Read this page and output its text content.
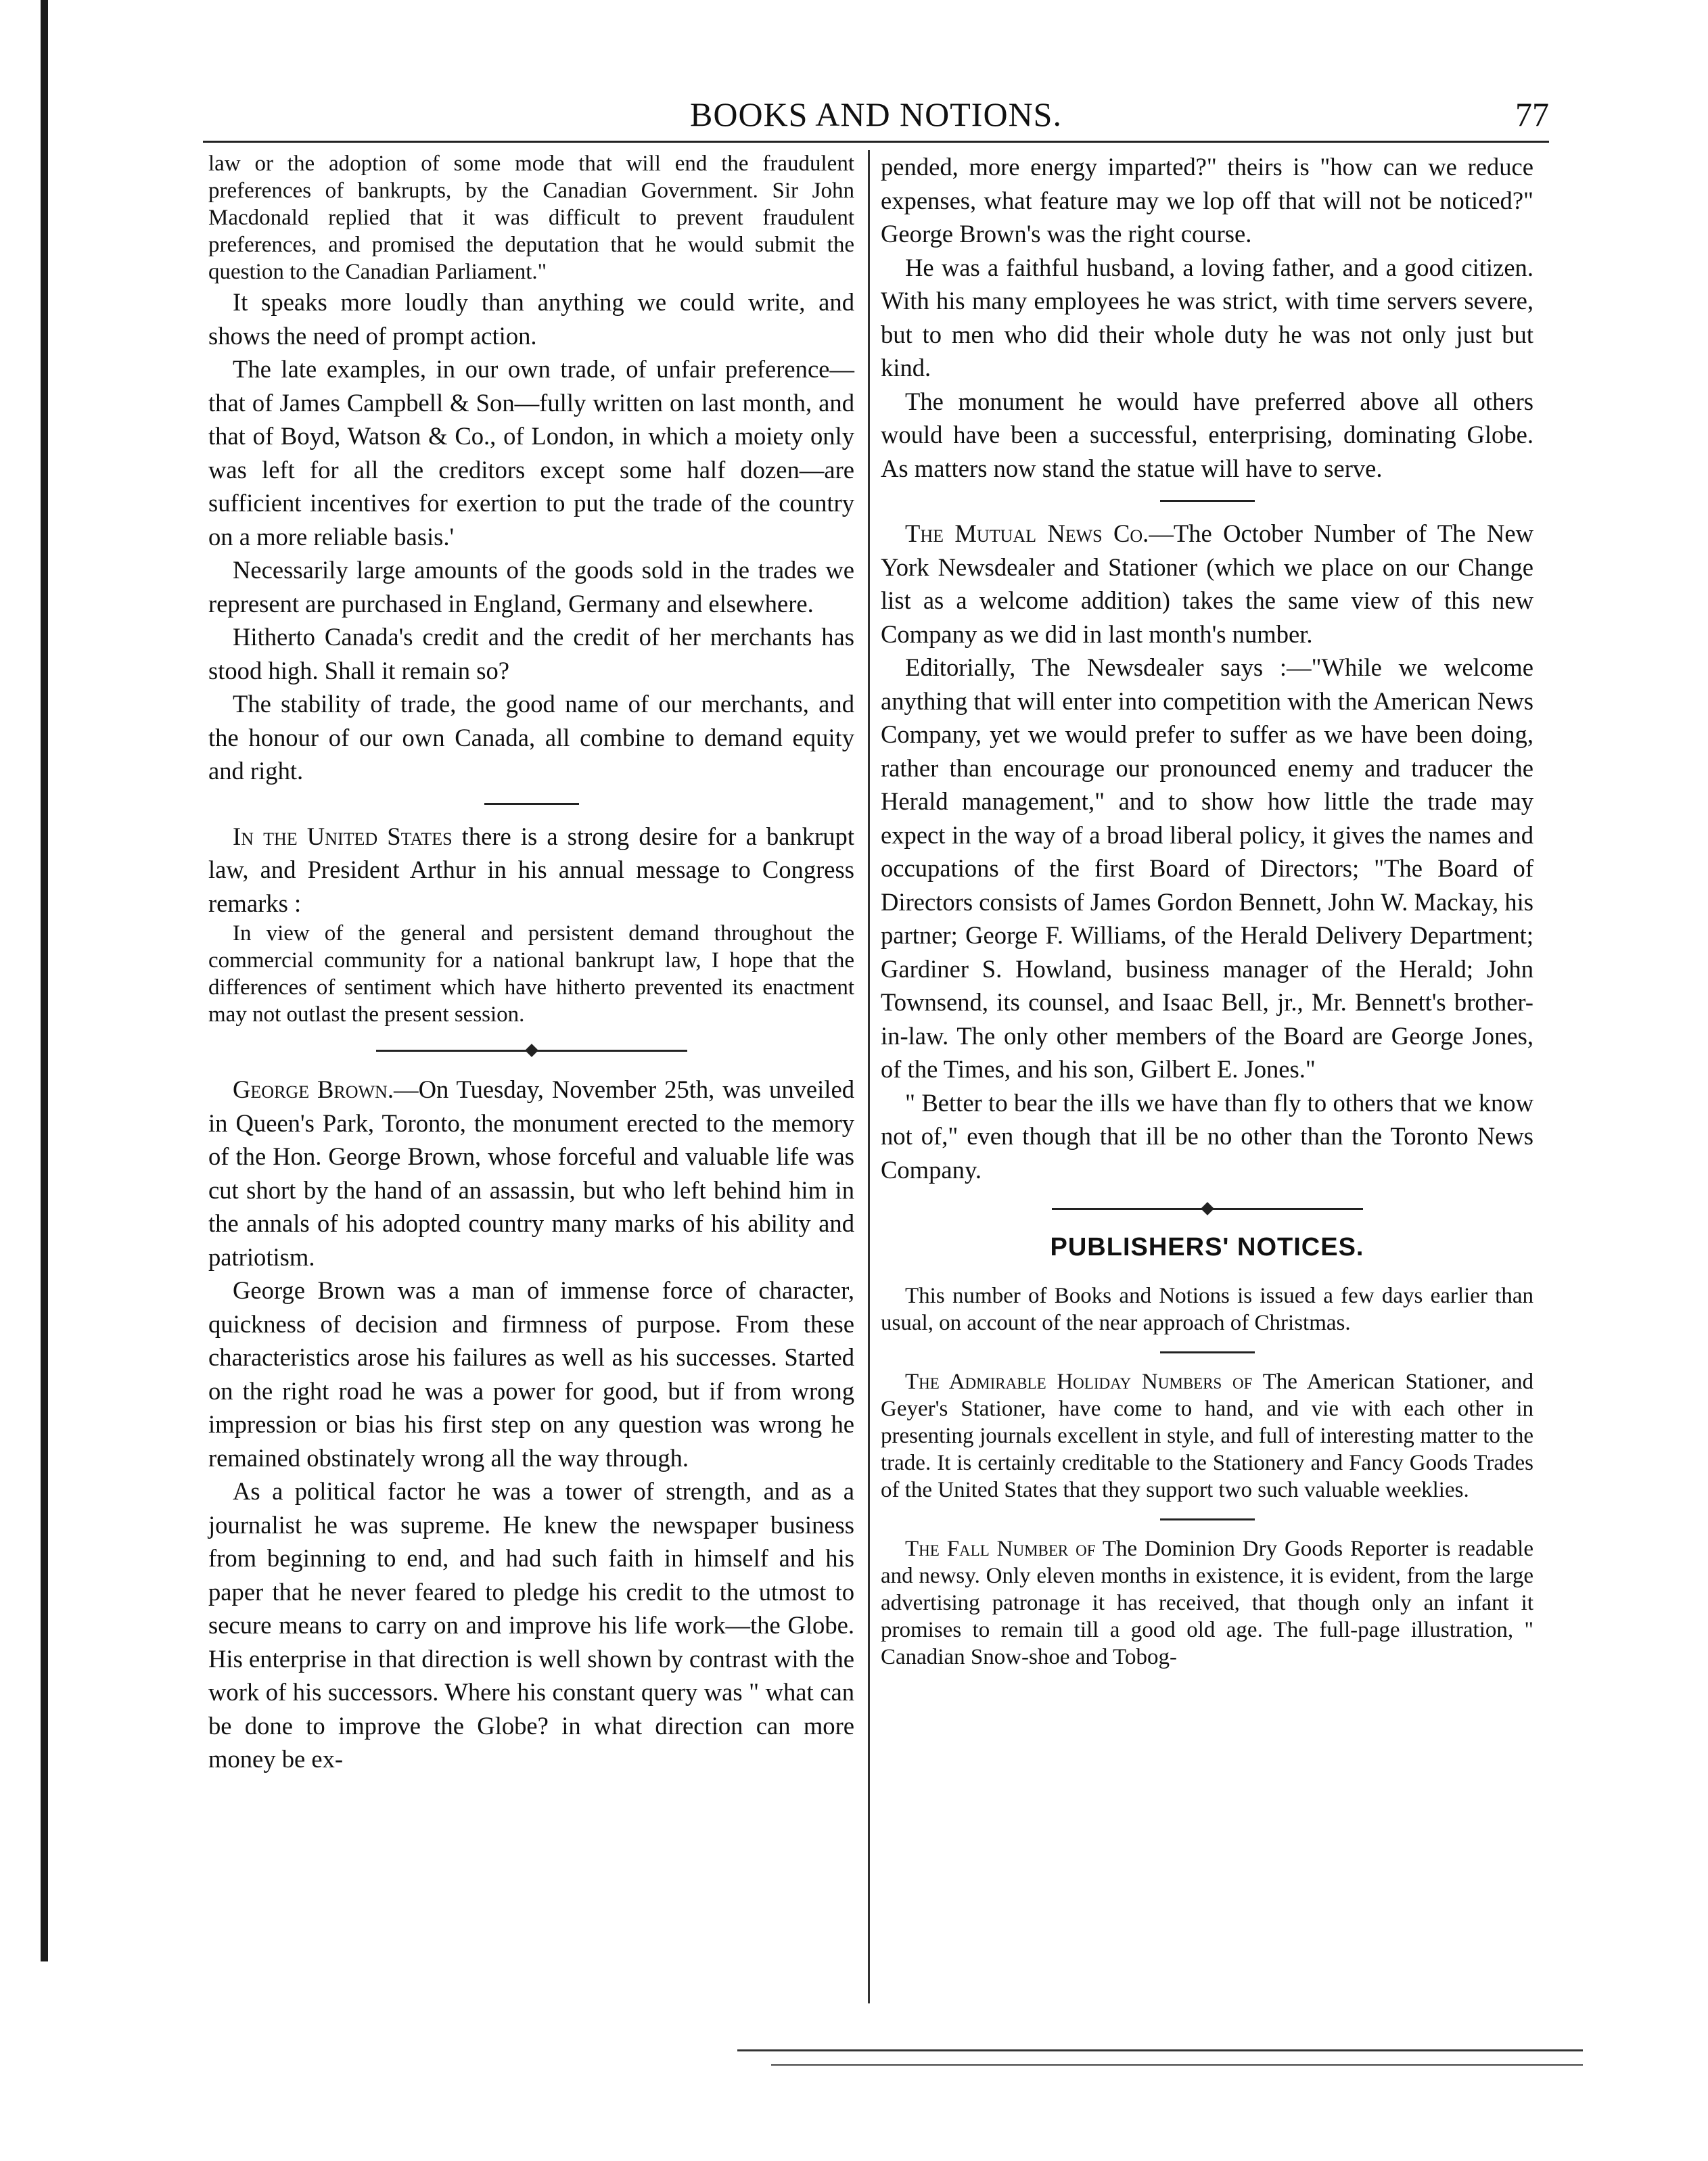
BOOKS AND NOTIONS.	77

law or the adoption of some mode that will end the fraudulent preferences of bankrupts, by the Canadian Government. Sir John Macdonald replied that it was difficult to prevent fraudulent preferences, and promised the deputation that he would submit the question to the Canadian Parliament."

It speaks more loudly than anything we could write, and shows the need of prompt action.

The late examples, in our own trade, of unfair preference—that of James Campbell & Son—fully written on last month, and that of Boyd, Watson & Co., of London, in which a moiety only was left for all the creditors except some half dozen—are sufficient incentives for exertion to put the trade of the country on a more reliable basis.'

Necessarily large amounts of the goods sold in the trades we represent are purchased in England, Germany and elsewhere.

Hitherto Canada's credit and the credit of her merchants has stood high. Shall it remain so?

The stability of trade, the good name of our merchants, and the honour of our own Canada, all combine to demand equity and right.

In the United States there is a strong desire for a bankrupt law, and President Arthur in his annual message to Congress remarks :

In view of the general and persistent demand throughout the commercial community for a national bankrupt law, I hope that the differences of sentiment which have hitherto prevented its enactment may not outlast the present session.

George Brown.—On Tuesday, November 25th, was unveiled in Queen's Park, Toronto, the monument erected to the memory of the Hon. George Brown, whose forceful and valuable life was cut short by the hand of an assassin, but who left behind him in the annals of his adopted country many marks of his ability and patriotism.

George Brown was a man of immense force of character, quickness of decision and firmness of purpose. From these characteristics arose his failures as well as his successes. Started on the right road he was a power for good, but if from wrong impression or bias his first step on any question was wrong he remained obstinately wrong all the way through.

As a political factor he was a tower of strength, and as a journalist he was supreme. He knew the newspaper business from beginning to end, and had such faith in himself and his paper that he never feared to pledge his credit to the utmost to secure means to carry on and improve his life work—the Globe. His enterprise in that direction is well shown by contrast with the work of his successors. Where his constant query was " what can be done to improve the Globe? in what direction can more money be ex-

pended, more energy imparted?" theirs is "how can we reduce expenses, what feature may we lop off that will not be noticed?" George Brown's was the right course.

He was a faithful husband, a loving father, and a good citizen. With his many employees he was strict, with time servers severe, but to men who did their whole duty he was not only just but kind.

The monument he would have preferred above all others would have been a successful, enterprising, dominating Globe. As matters now stand the statue will have to serve.

The Mutual News Co.—The October Number of The New York Newsdealer and Stationer (which we place on our Change list as a welcome addition) takes the same view of this new Company as we did in last month's number.

Editorially, The Newsdealer says :—"While we welcome anything that will enter into competition with the American News Company, yet we would prefer to suffer as we have been doing, rather than encourage our pronounced enemy and traducer the Herald management," and to show how little the trade may expect in the way of a broad liberal policy, it gives the names and occupations of the first Board of Directors; "The Board of Directors consists of James Gordon Bennett, John W. Mackay, his partner; George F. Williams, of the Herald Delivery Department; Gardiner S. Howland, business manager of the Herald; John Townsend, its counsel, and Isaac Bell, jr., Mr. Bennett's brother-in-law. The only other members of the Board are George Jones, of the Times, and his son, Gilbert E. Jones."

" Better to bear the ills we have than fly to others that we know not of," even though that ill be no other than the Toronto News Company.

PUBLISHERS' NOTICES.

This number of Books and Notions is issued a few days earlier than usual, on account of the near approach of Christmas.

The Admirable Holiday Numbers of The American Stationer, and Geyer's Stationer, have come to hand, and vie with each other in presenting journals excellent in style, and full of interesting matter to the trade. It is certainly creditable to the Stationery and Fancy Goods Trades of the United States that they support two such valuable weeklies.

The Fall Number of The Dominion Dry Goods Reporter is readable and newsy. Only eleven months in existence, it is evident, from the large advertising patronage it has received, that though only an infant it promises to remain till a good old age. The full-page illustration, " Canadian Snow-shoe and Tobog-
